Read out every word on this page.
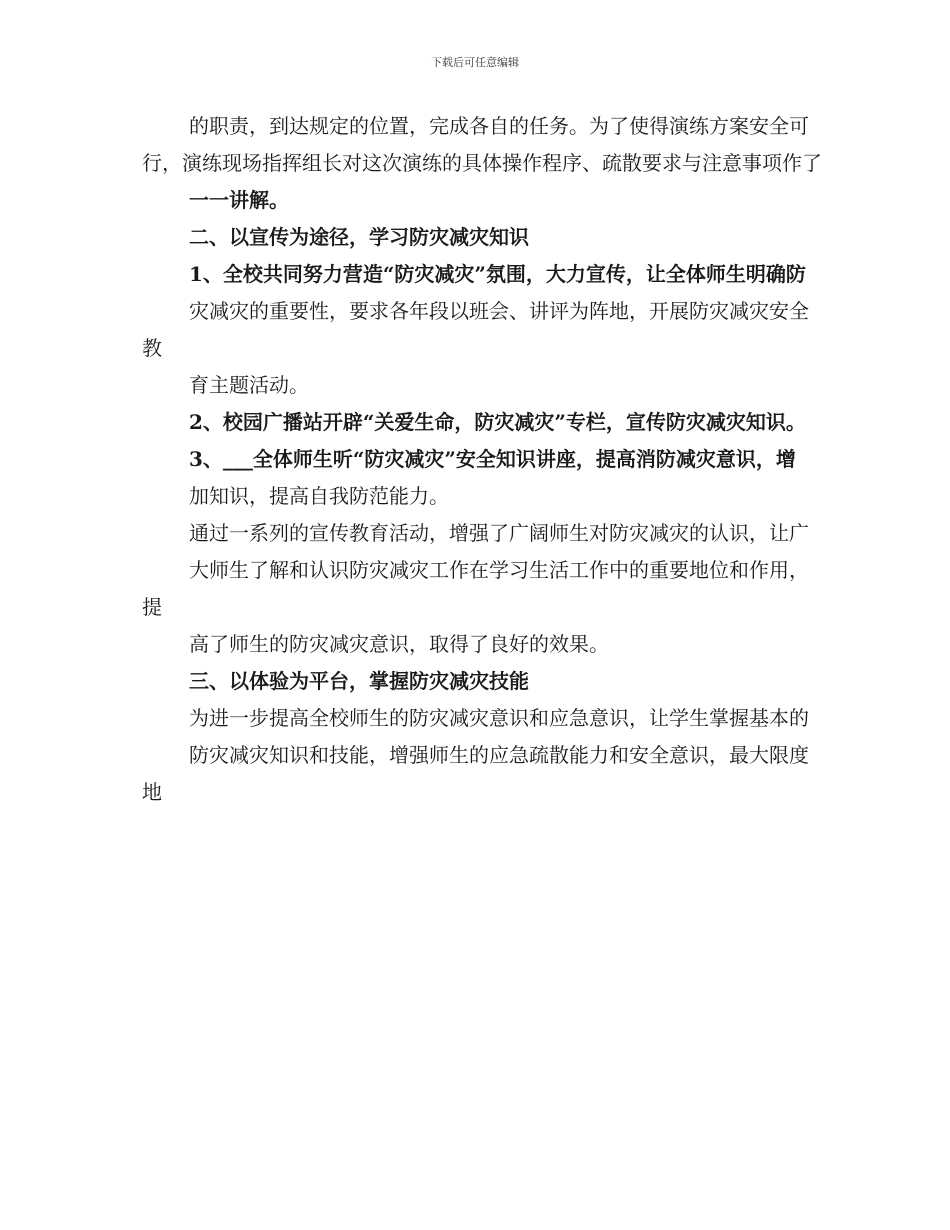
下载后可任意编辑

的职责，到达规定的位置，完成各自的任务。为了使得演练方案安全可行，演练现场指挥组长对这次演练的具体操作程序、疏散要求与注意事项作了

一一讲解。

二、以宣传为途径，学习防灾减灾知识

1、全校共同努力营造“防灾减灾”氛围，大力宣传，让全体师生明确防

灾减灾的重要性，要求各年段以班会、讲评为阵地，开展防灾减灾安全教

育主题活动。

2、校园广播站开辟“关爱生命，防灾减灾”专栏，宣传防灾减灾知识。

3、___全体师生听“防灾减灾”安全知识讲座，提高消防减灾意识，增

加知识，提高自我防范能力。

通过一系列的宣传教育活动，增强了广阔师生对防灾减灾的认识，让广

大师生了解和认识防灾减灾工作在学习生活工作中的重要地位和作用，提

高了师生的防灾减灾意识，取得了良好的效果。

三、以体验为平台，掌握防灾减灾技能

为进一步提高全校师生的防灾减灾意识和应急意识，让学生掌握基本的

防灾减灾知识和技能，增强师生的应急疏散能力和安全意识，最大限度地
